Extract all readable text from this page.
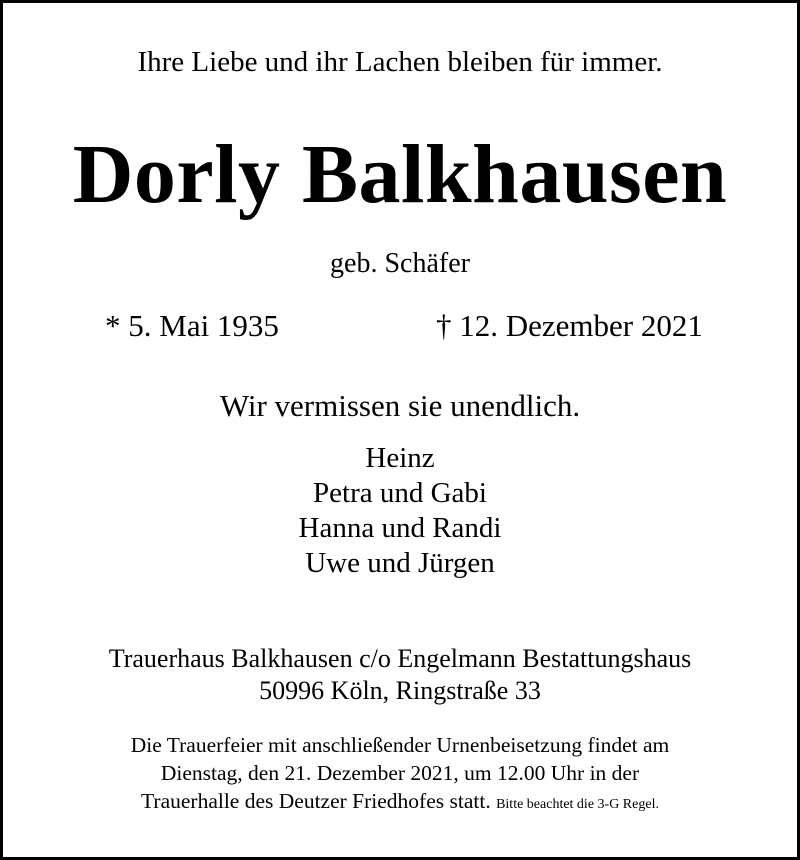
Ihre Liebe und ihr Lachen bleiben für immer.
Dorly Balkhausen
geb. Schäfer
* 5. Mai 1935	† 12. Dezember 2021
Wir vermissen sie unendlich.
Heinz
Petra und Gabi
Hanna und Randi
Uwe und Jürgen
Trauerhaus Balkhausen c/o Engelmann Bestattungshaus
50996 Köln, Ringstraße 33
Die Trauerfeier mit anschließender Urnenbeisetzung findet am
Dienstag, den 21. Dezember 2021, um 12.00 Uhr in der
Trauerhalle des Deutzer Friedhofes statt. Bitte beachtet die 3-G Regel.
